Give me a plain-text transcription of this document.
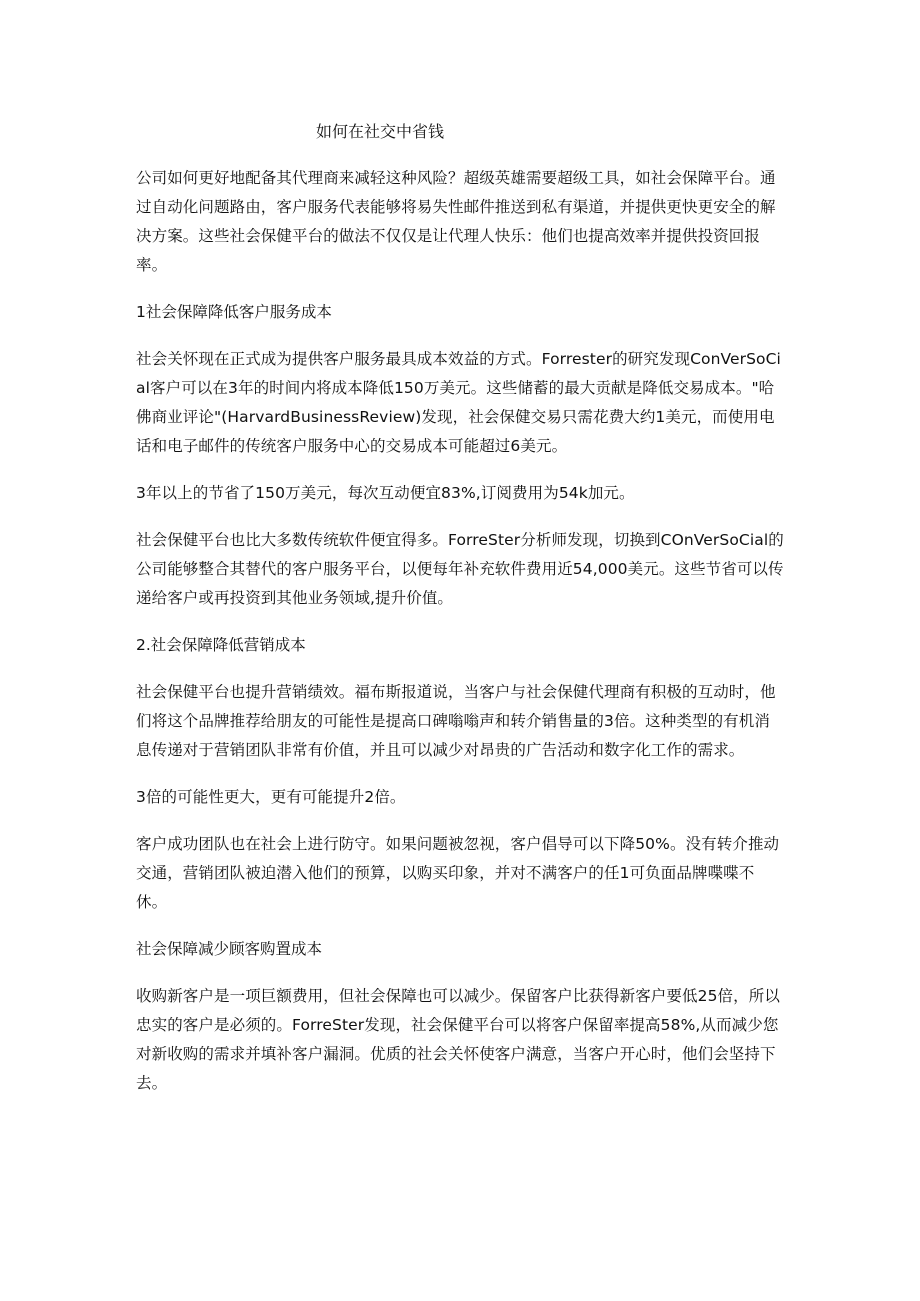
如何在社交中省钱

公司如何更好地配备其代理商来减轻这种风险？超级英雄需要超级工具，如社会保障平台。通过自动化问题路由，客户服务代表能够将易失性邮件推送到私有渠道，并提供更快更安全的解决方案。这些社会保健平台的做法不仅仅是让代理人快乐：他们也提高效率并提供投资回报率。

1社会保障降低客户服务成本

社会关怀现在正式成为提供客户服务最具成本效益的方式。Forrester的研究发现ConVerSoCial客户可以在3年的时间内将成本降低150万美元。这些储蓄的最大贡献是降低交易成本。"哈佛商业评论"(HarvardBusinessReview)发现，社会保健交易只需花费大约1美元，而使用电话和电子邮件的传统客户服务中心的交易成本可能超过6美元。

3年以上的节省了150万美元，每次互动便宜83%,订阅费用为54k加元。

社会保健平台也比大多数传统软件便宜得多。ForreSter分析师发现，切换到COnVerSoCial的公司能够整合其替代的客户服务平台，以便每年补充软件费用近54,000美元。这些节省可以传递给客户或再投资到其他业务领域,提升价值。

2.社会保障降低营销成本

社会保健平台也提升营销绩效。福布斯报道说，当客户与社会保健代理商有积极的互动时，他们将这个品牌推荐给朋友的可能性是提高口碑嗡嗡声和转介销售量的3倍。这种类型的有机消息传递对于营销团队非常有价值，并且可以减少对昂贵的广告活动和数字化工作的需求。

3倍的可能性更大，更有可能提升2倍。

客户成功团队也在社会上进行防守。如果问题被忽视，客户倡导可以下降50%。没有转介推动交通，营销团队被迫潜入他们的预算，以购买印象，并对不满客户的任1可负面品牌喋喋不休。

社会保障减少顾客购置成本

收购新客户是一项巨额费用，但社会保障也可以减少。保留客户比获得新客户要低25倍，所以忠实的客户是必须的。ForreSter发现，社会保健平台可以将客户保留率提高58%,从而减少您对新收购的需求并填补客户漏洞。优质的社会关怀使客户满意，当客户开心时，他们会坚持下去。
